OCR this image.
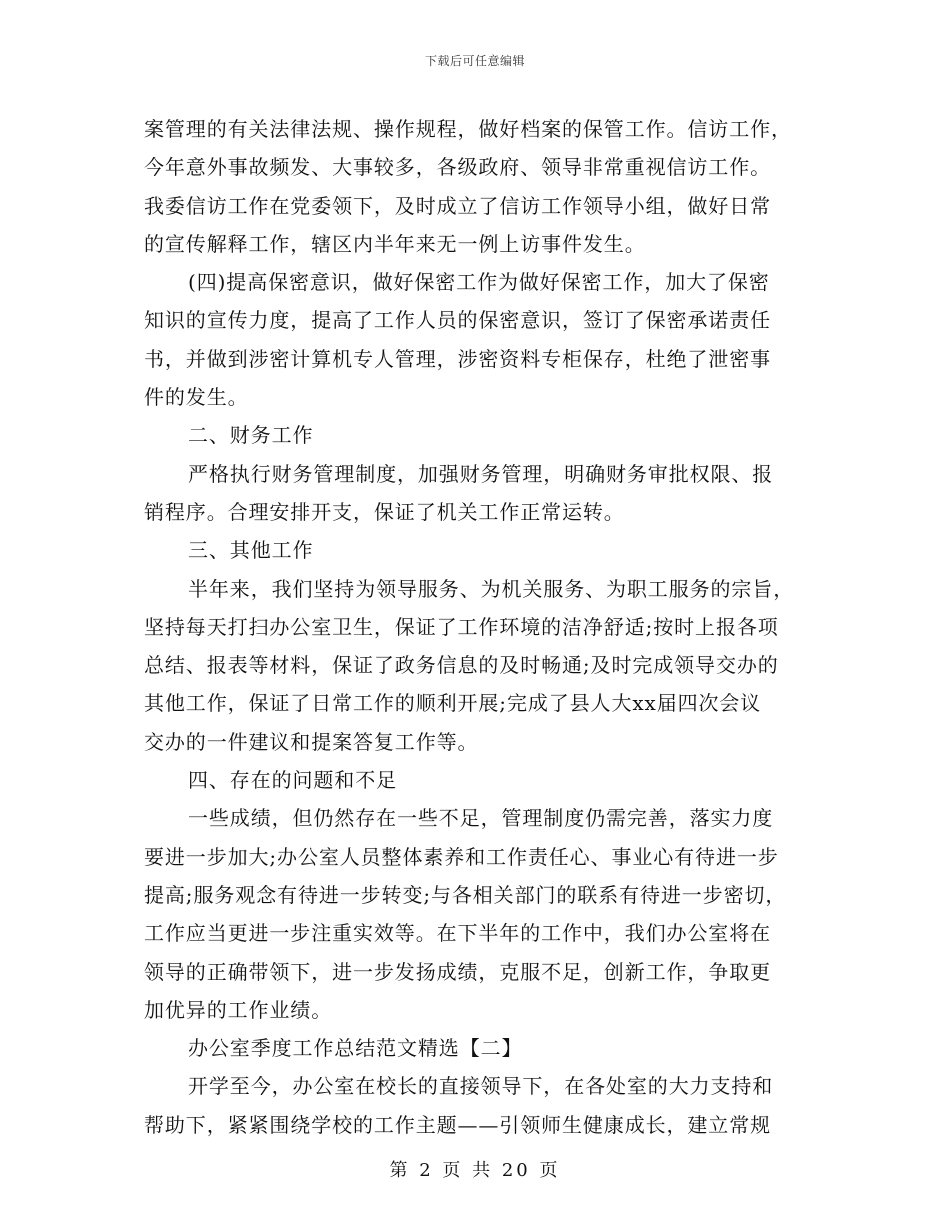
下载后可任意编辑
案管理的有关法律法规、操作规程，做好档案的保管工作。信访工作，
今年意外事故频发、大事较多，各级政府、领导非常重视信访工作。
我委信访工作在党委领下，及时成立了信访工作领导小组，做好日常
的宣传解释工作，辖区内半年来无一例上访事件发生。
(四)提高保密意识，做好保密工作为做好保密工作，加大了保密
知识的宣传力度，提高了工作人员的保密意识，签订了保密承诺责任
书，并做到涉密计算机专人管理，涉密资料专柜保存，杜绝了泄密事
件的发生。
二、财务工作
严格执行财务管理制度，加强财务管理，明确财务审批权限、报
销程序。合理安排开支，保证了机关工作正常运转。
三、其他工作
半年来，我们坚持为领导服务、为机关服务、为职工服务的宗旨，
坚持每天打扫办公室卫生，保证了工作环境的洁净舒适;按时上报各项
总结、报表等材料，保证了政务信息的及时畅通;及时完成领导交办的
其他工作，保证了日常工作的顺利开展;完成了县人大xx届四次会议
交办的一件建议和提案答复工作等。
四、存在的问题和不足
一些成绩，但仍然存在一些不足，管理制度仍需完善，落实力度
要进一步加大;办公室人员整体素养和工作责任心、事业心有待进一步
提高;服务观念有待进一步转变;与各相关部门的联系有待进一步密切，
工作应当更进一步注重实效等。在下半年的工作中，我们办公室将在
领导的正确带领下，进一步发扬成绩，克服不足，创新工作，争取更
加优异的工作业绩。
办公室季度工作总结范文精选【二】
开学至今，办公室在校长的直接领导下，在各处室的大力支持和
帮助下，紧紧围绕学校的工作主题——引领师生健康成长，建立常规
第 2 页 共 20 页
